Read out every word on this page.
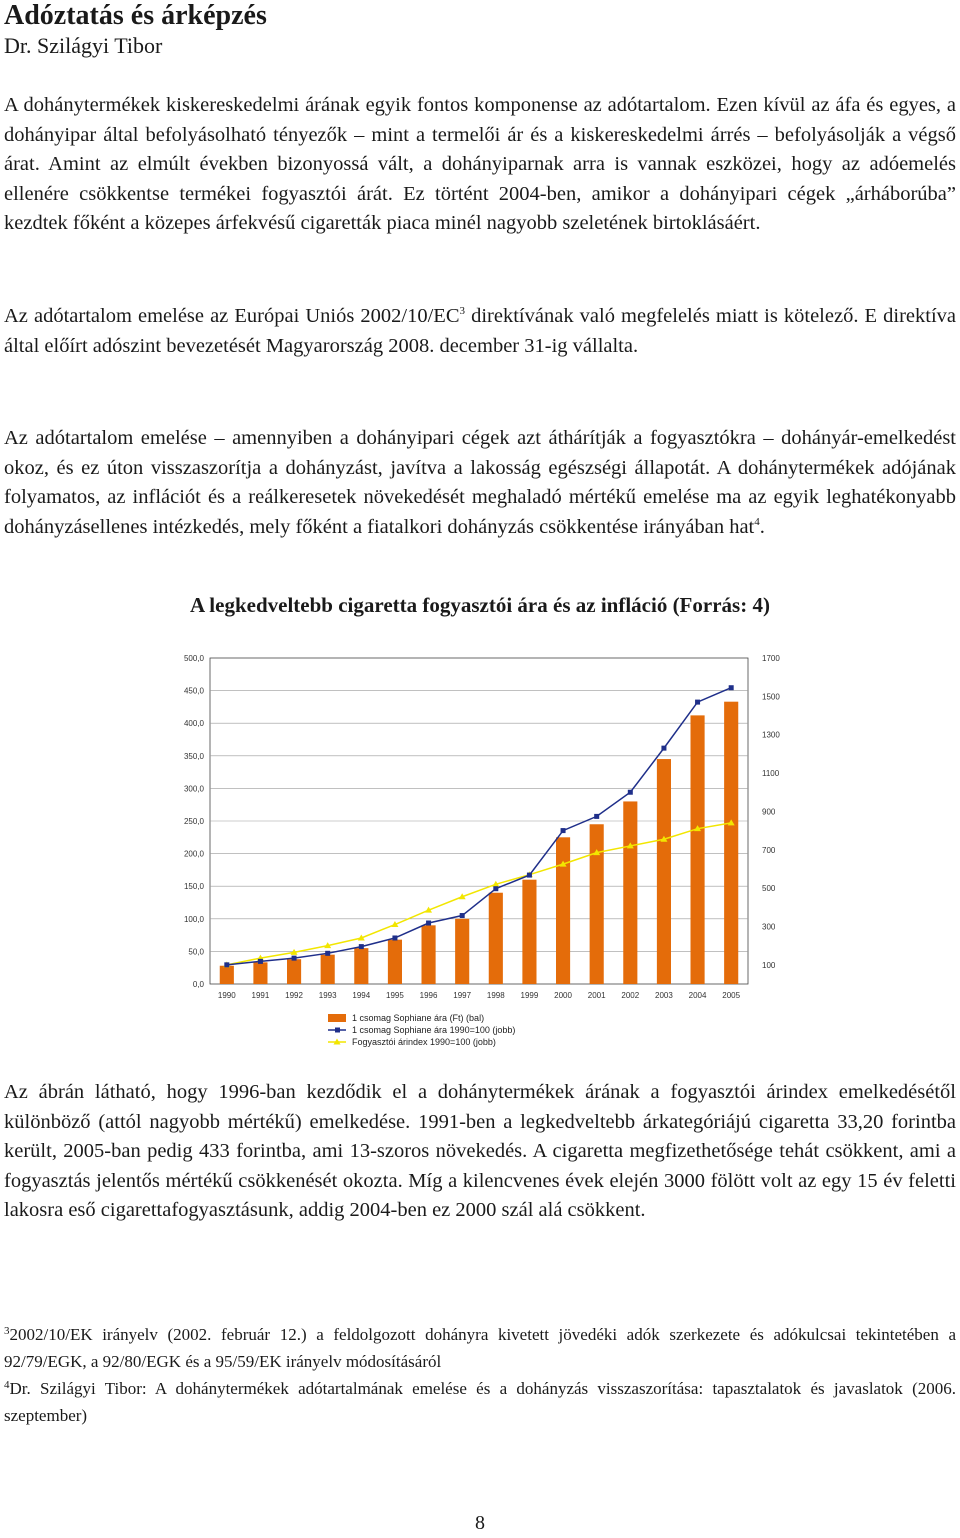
Adóztatás és árképzés
Dr. Szilágyi Tibor

A dohánytermékek kiskereskedelmi árának egyik fontos komponense az adótartalom. Ezen kívül az áfa és egyes, a dohányipar által befolyásolható tényezők – mint a termelői ár és a kiskereskedelmi árrés – befolyásolják a végső árat. Amint az elmúlt években bizonyossá vált, a dohányiparnak arra is vannak eszközei, hogy az adóemelés ellenére csökkentse termékei fogyasztói árát. Ez történt 2004-ben, amikor a dohányipari cégek „árháborúba” kezdtek főként a közepes árfekvésű cigaretták piaca minél nagyobb szeletének birtoklásáért.

Az adótartalom emelése az Európai Uniós $2002/10/EC^3$ direktívának való megfelelés miatt is kötelező. E direktíva által előírt adószint bevezetését Magyarország 2008. december 31-ig vállalta.

Az adótartalom emelése – amennyiben a dohányipari cégek azt áthárítják a fogyasztókra – dohányár-emelkedést okoz, és ez úton visszaszorítja a dohányzást, javítva a lakosság egészségi állapotát. A dohánytermékek adójának folyamatos, az inflációt és a reálkeresetek növekedését meghaladó mértékű emelése ma az egyik leghatékonyabb dohányzásellenes intézkedés, mely főként a fiatalkori dohányzás csökkentése irányában hat$^4$.

A legkedveltebb cigaretta fogyasztói ára és az infláció (Forrás: 4)
500,0
450,0
400,0
350,0
300,0
250,0
200,0
150,0
100,0
50,0
0,0
1700
1500
1300
1100
900
700
500
300
100
1990 1991 1992 1993 1994 1995 1996 1997 1998 1999 2000 2001 2002 2003 2004 2005
1 csomag Sophiane ára (Ft) (bal)
1 csomag Sophiane ára 1990=100 (jobb)
Fogyasztói árindex 1990=100 (jobb)

Az ábrán látható, hogy 1996-ban kezdődik el a dohánytermékek árának a fogyasztói árindex emelkedésétől különböző (attól nagyobb mértékű) emelkedése. 1991-ben a legkedveltebb árkategóriájú cigaretta 33,20 forintba került, 2005-ban pedig 433 forintba, ami 13-szoros növekedés. A cigaretta megfizethetősége tehát csökkent, ami a fogyasztás jelentős mértékű csökkenését okozta. Míg a kilencvenes évek elején 3000 fölött volt az egy 15 év feletti lakosra eső cigarettafogyasztásunk, addig 2004-ben ez 2000 szál alá csökkent.

$^3$2002/10/EK irányelv (2002. február 12.) a feldolgozott dohányra kivetett jövedéki adók szerkezete és adókulcsai tekintetében a 92/79/EGK, a 92/80/EGK és a 95/59/EK irányelv módosításáról

$^4$Dr. Szilágyi Tibor: A dohánytermékek adótartalmának emelése és a dohányzás visszaszorítása: tapasztalatok és javaslatok (2006. szeptember)

8
